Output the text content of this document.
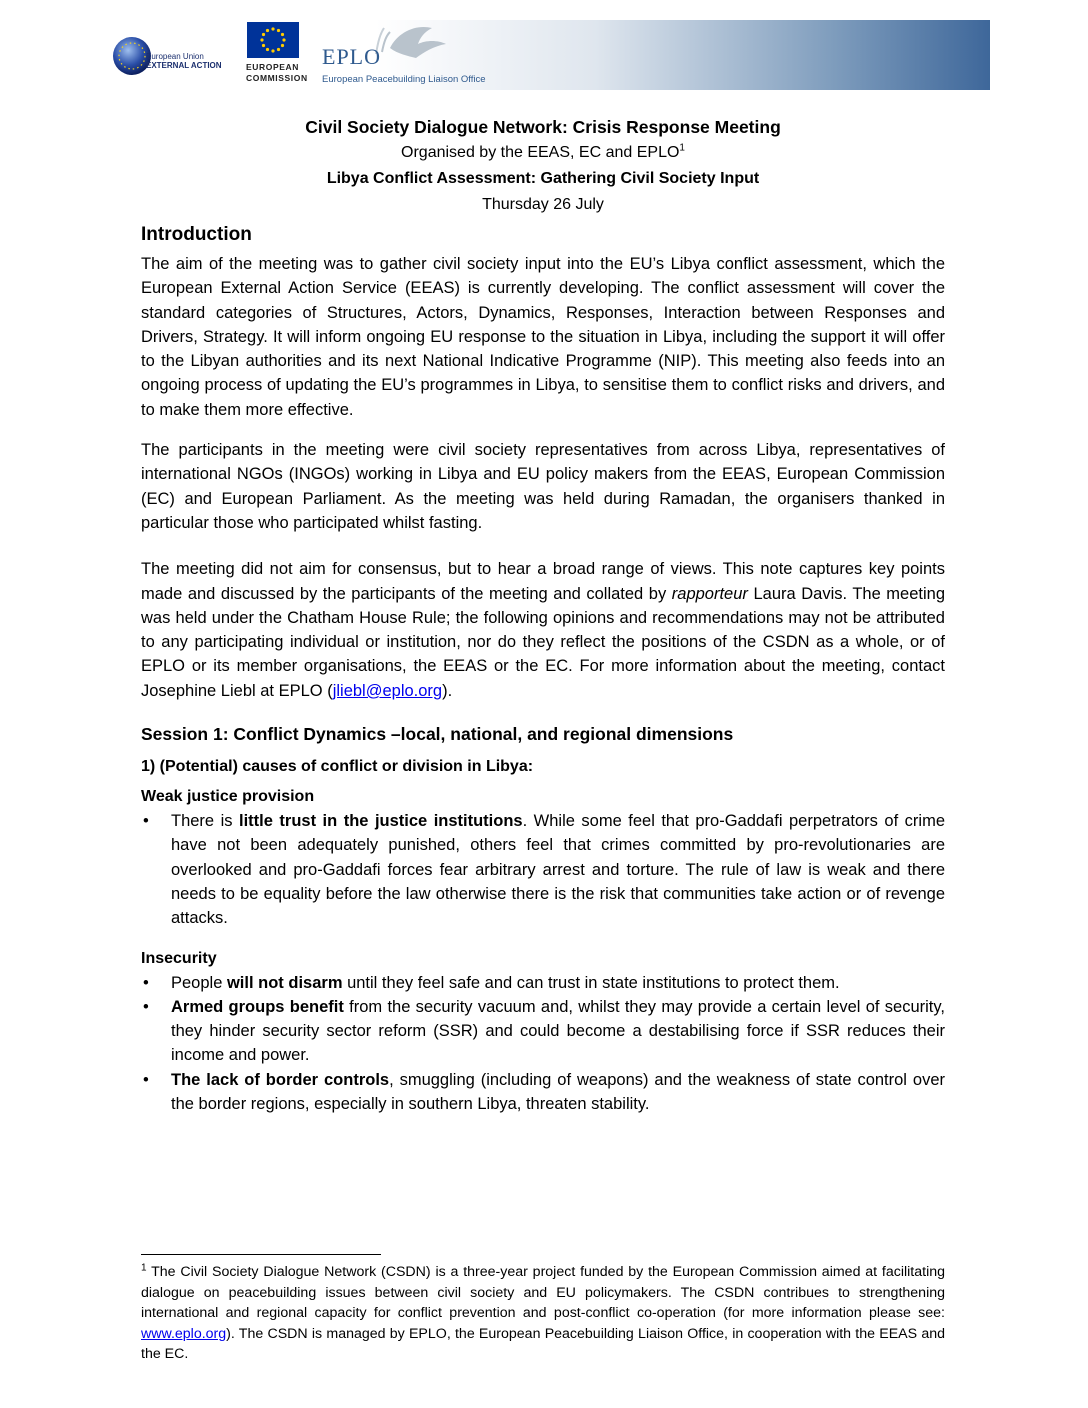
European Union
EXTERNAL ACTION	EUROPEAN
COMMISSION
EPLO
European Peacebuilding Liaison Office
Civil Society Dialogue Network: Crisis Response Meeting
Organised by the EEAS, EC and EPLO$^1$
Libya Conflict Assessment: Gathering Civil Society Input
Thursday 26 July
Introduction

The aim of the meeting was to gather civil society input into the EU’s Libya conflict assessment, which the European External Action Service (EEAS) is currently developing. The conflict assessment will cover the standard categories of Structures, Actors, Dynamics, Responses, Interaction between Responses and Drivers, Strategy. It will inform ongoing EU response to the situation in Libya, including the support it will offer to the Libyan authorities and its next National Indicative Programme (NIP). This meeting also feeds into an ongoing process of updating the EU’s programmes in Libya, to sensitise them to conflict risks and drivers, and to make them more effective.

The participants in the meeting were civil society representatives from across Libya, representatives of international NGOs (INGOs) working in Libya and EU policy makers from the EEAS, European Commission (EC) and European Parliament. As the meeting was held during Ramadan, the organisers thanked in particular those who participated whilst fasting.

The meeting did not aim for consensus, but to hear a broad range of views. This note captures key points made and discussed by the participants of the meeting and collated by rapporteur Laura Davis. The meeting was held under the Chatham House Rule; the following opinions and recommendations may not be attributed to any participating individual or institution, nor do they reflect the positions of the CSDN as a whole, or of EPLO or its member organisations, the EEAS or the EC. For more information about the meeting, contact Josephine Liebl at EPLO (jliebl@eplo.org).

Session 1: Conflict Dynamics –local, national, and regional dimensions
1) (Potential) causes of conflict or division in Libya:
Weak justice provision
• There is little trust in the justice institutions. While some feel that pro-Gaddafi perpetrators of crime have not been adequately punished, others feel that crimes committed by pro-revolutionaries are overlooked and pro-Gaddafi forces fear arbitrary arrest and torture. The rule of law is weak and there needs to be equality before the law otherwise there is the risk that communities take action or of revenge attacks.
Insecurity
• People will not disarm until they feel safe and can trust in state institutions to protect them.
• Armed groups benefit from the security vacuum and, whilst they may provide a certain level of security, they hinder security sector reform (SSR) and could become a destabilising force if SSR reduces their income and power.
• The lack of border controls, smuggling (including of weapons) and the weakness of state control over the border regions, especially in southern Libya, threaten stability.
$^1$ The Civil Society Dialogue Network (CSDN) is a three-year project funded by the European Commission aimed at facilitating dialogue on peacebuilding issues between civil society and EU policymakers. The CSDN contribues to strengthening international and regional capacity for conflict prevention and post-conflict co-operation (for more information please see: www.eplo.org). The CSDN is managed by EPLO, the European Peacebuilding Liaison Office, in cooperation with the EEAS and the EC.
